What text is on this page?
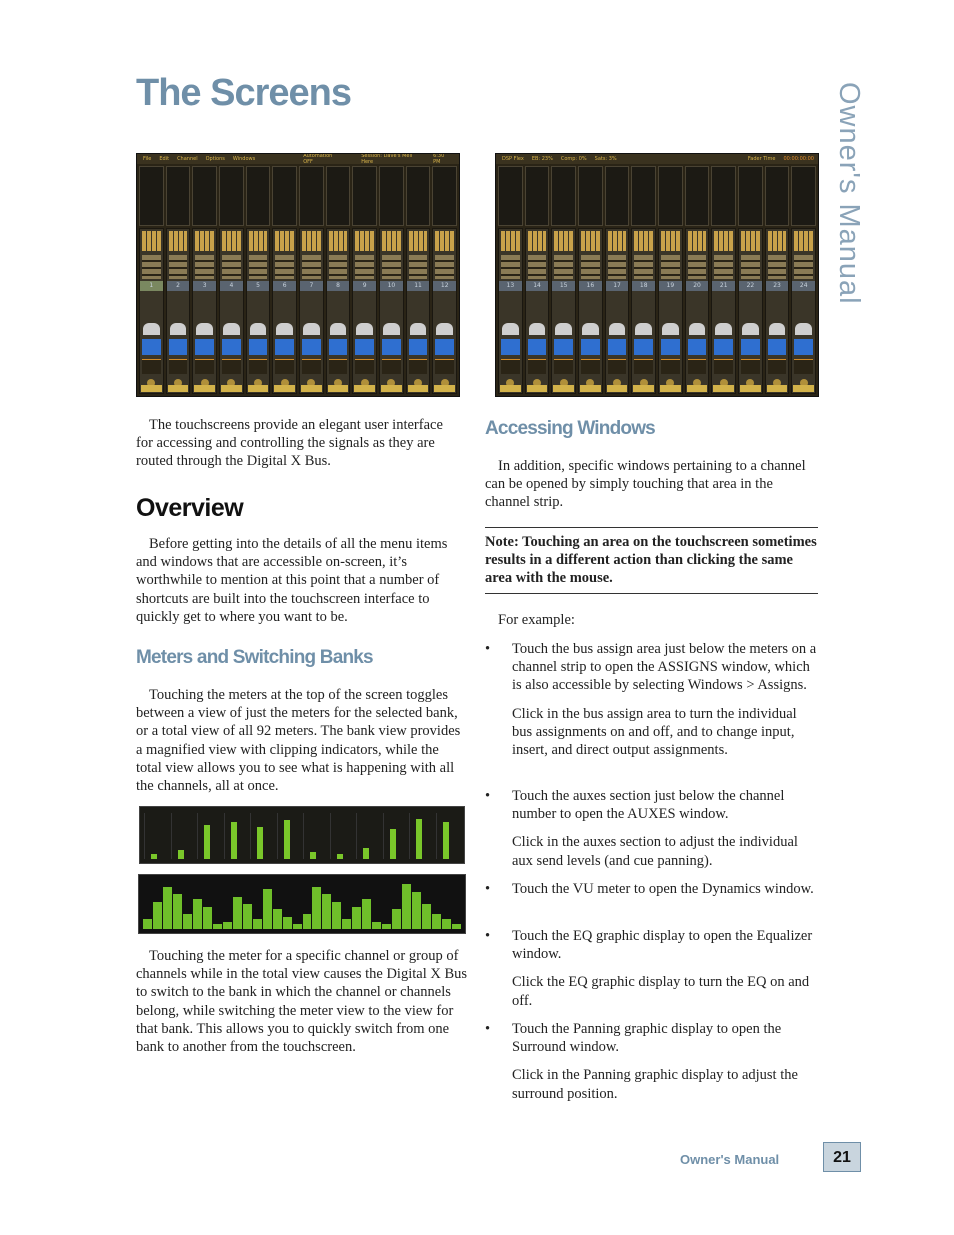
The Screens	Owner's Manual
File Edit Channel Options Windows	Automation OFF
Session: Dave's Mell Here
6:30 PM
1	2	3	4	5	6	7	8	9	10	11	12
DSP Flex EB: 23% Comp: 0% Sats: 3%	Fader Time 00:00:00:00
13	14	15	16	17	18	19	20	21	22	23	24

The touchscreens provide an elegant user interface for accessing and controlling the signals as they are routed through the Digital X Bus.

Overview

Before getting into the details of all the menu items and windows that are accessible on-screen, it’s worthwhile to mention at this point that a number of shortcuts are built into the touchscreen interface to quickly get to where you want to be.

Meters and Switching Banks

Touching the meters at the top of the screen toggles between a view of just the meters for the selected bank, or a total view of all 92 meters. The bank view provides a magnified view with clipping indicators, while the total view allows you to see what is happening with all the channels, all at once.

Touching the meter for a specific channel or group of channels while in the total view causes the Digital X Bus to switch to the bank in which the channel or channels belong, while switching the meter view to the view for that bank. This allows you to quickly switch from one bank to another from the touchscreen.

Accessing Windows

In addition, specific windows pertaining to a channel can be opened by simply touching that area in the channel strip.

Note: Touching an area on the touchscreen sometimes results in a different action than clicking the same area with the mouse.

For example:

• Touch the bus assign area just below the meters on a channel strip to open the ASSIGNS window, which is also accessible by selecting Windows > Assigns.
Click in the bus assign area to turn the individual bus assignments on and off, and to change input, insert, and direct output assignments.
• Touch the auxes section just below the channel number to open the AUXES window.
Click in the auxes section to adjust the individual aux send levels (and cue panning).
• Touch the VU meter to open the Dynamics window.
• Touch the EQ graphic display to open the Equalizer window.
Click the EQ graphic display to turn the EQ on and off.
• Touch the Panning graphic display to open the Surround window.
Click in the Panning graphic display to adjust the surround position.
Owner's Manual	21
